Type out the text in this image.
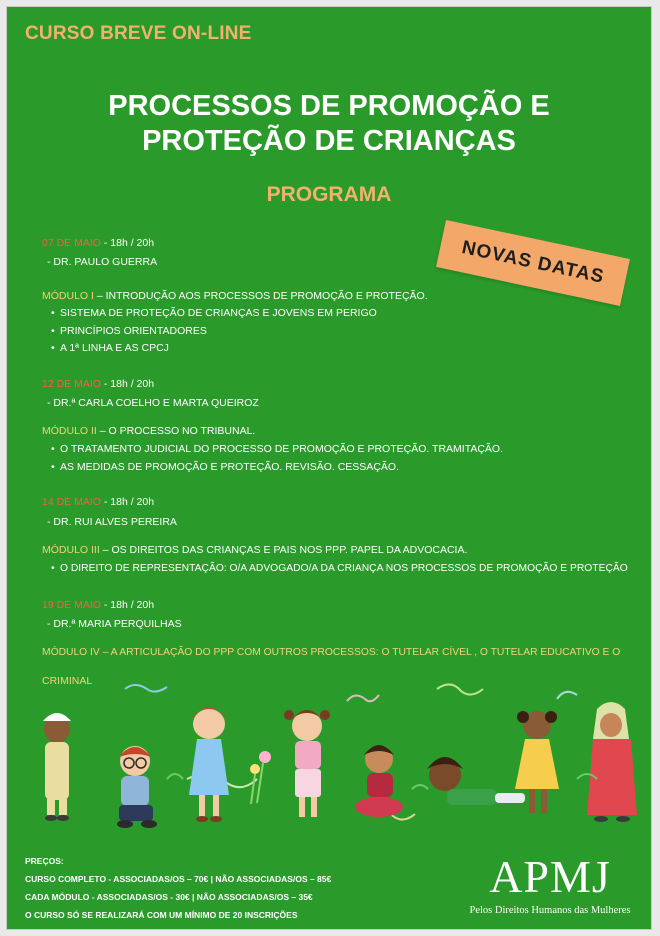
CURSO BREVE ON-LINE
PROCESSOS DE PROMOÇÃO E
PROTEÇÃO DE CRIANÇAS
PROGRAMA
NOVAS DATAS
07 DE MAIO - 18h / 20h
- DR. PAULO GUERRA
MÓDULO I – INTRODUÇÃO AOS PROCESSOS DE PROMOÇÃO E PROTEÇÃO.
• SISTEMA DE PROTEÇÃO DE CRIANÇAS E JOVENS EM PERIGO
• PRINCÍPIOS ORIENTADORES
• A 1ª LINHA E AS CPCJ
12 DE MAIO - 18h / 20h
- DR.ª CARLA COELHO E MARTA QUEIROZ
MÓDULO II – O PROCESSO NO TRIBUNAL.
• O TRATAMENTO JUDICIAL DO PROCESSO DE PROMOÇÃO E PROTEÇÃO. TRAMITAÇÃO.
• AS MEDIDAS DE PROMOÇÃO E PROTEÇÃO. REVISÃO. CESSAÇÃO.
14 DE MAIO - 18h / 20h
- DR. RUI ALVES PEREIRA
MÓDULO III – OS DIREITOS DAS CRIANÇAS E PAIS NOS PPP. PAPEL DA ADVOCACIA.
• O DIREITO DE REPRESENTAÇÃO: O/A ADVOGADO/A DA CRIANÇA NOS PROCESSOS DE PROMOÇÃO E PROTEÇÃO
19 DE MAIO - 18h / 20h
- DR.ª MARIA PERQUILHAS
MÓDULO IV – A ARTICULAÇÃO DO PPP COM OUTROS PROCESSOS: O TUTELAR CÍVEL , O TUTELAR EDUCATIVO E O
CRIMINAL
PREÇOS:
CURSO COMPLETO - ASSOCIADAS/OS – 70€ | NÃO ASSOCIADAS/OS – 85€
CADA MÓDULO - ASSOCIADAS/OS - 30€ | NÃO ASSOCIADAS/OS – 35€
O CURSO SÓ SE REALIZARÁ COM UM MÍNIMO DE 20 INSCRIÇÕES
APMJ
Pelos Direitos Humanos das Mulheres
